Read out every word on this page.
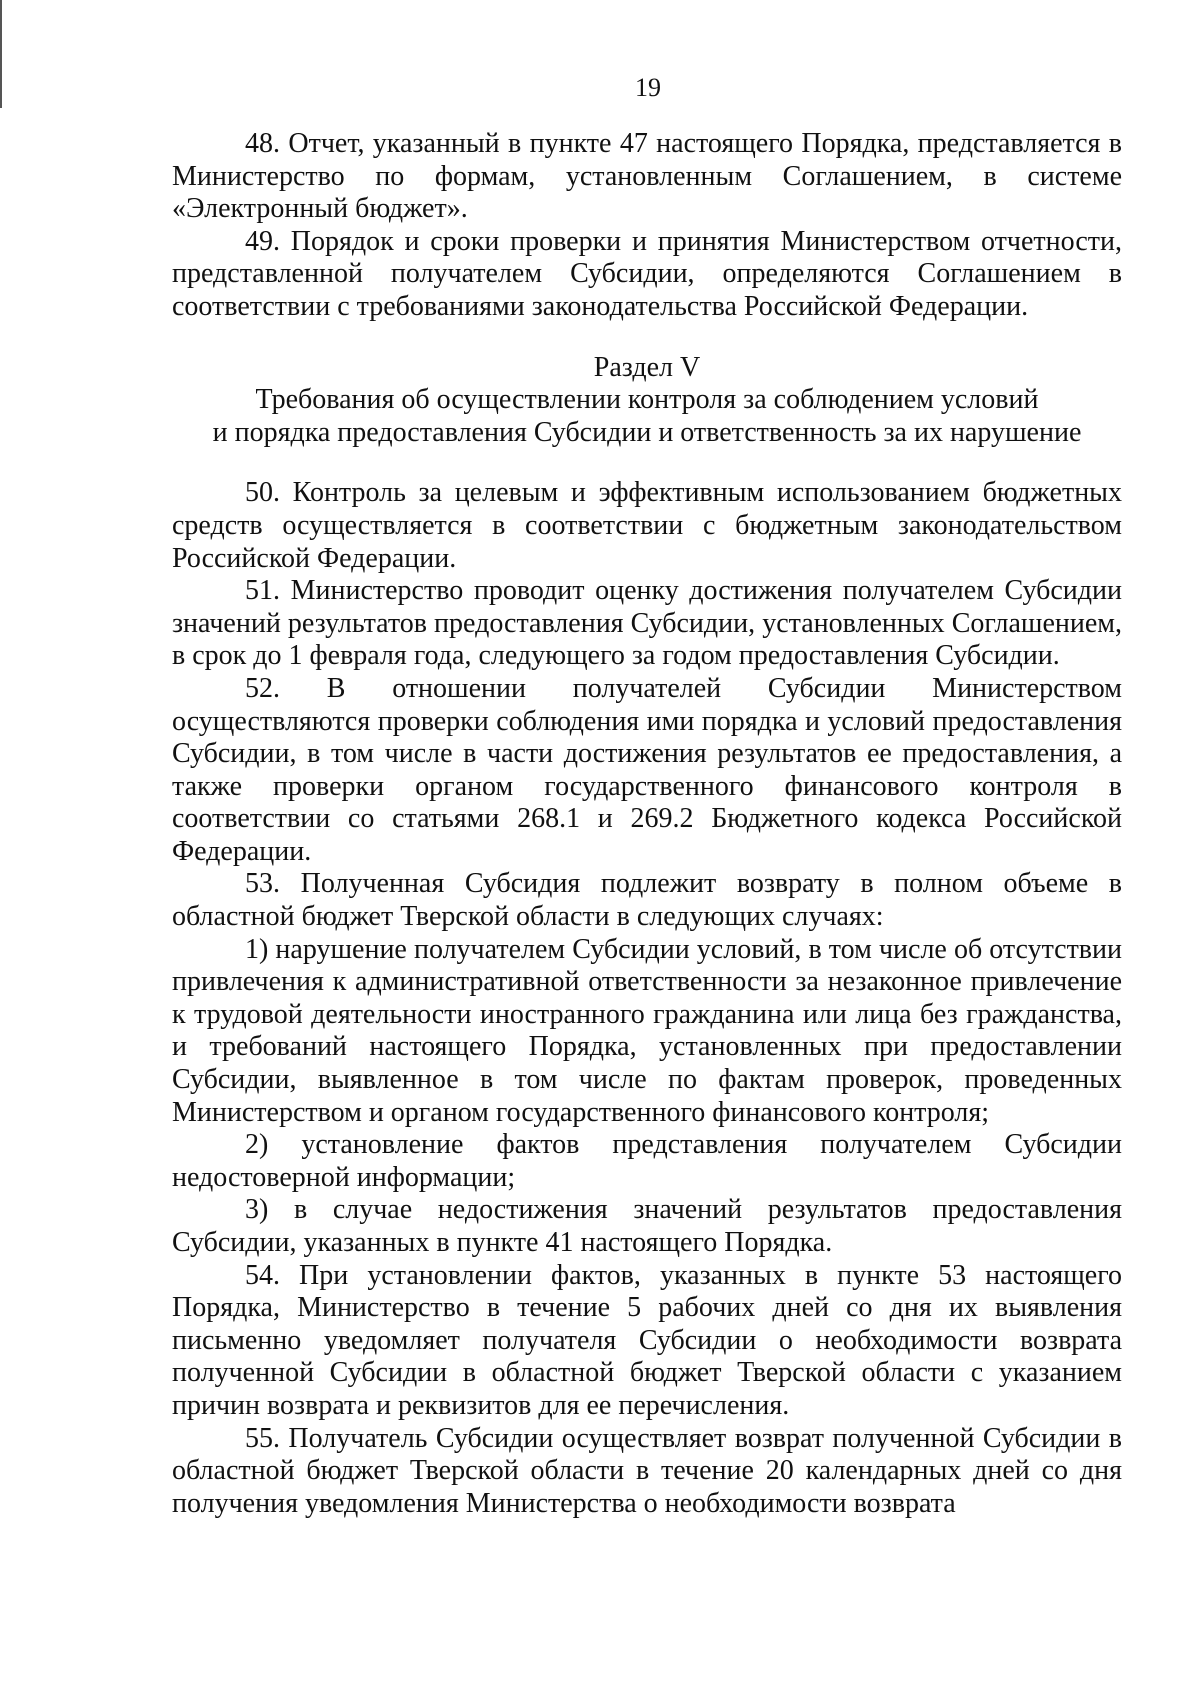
19

48. Отчет, указанный в пункте 47 настоящего Порядка, представляется в Министерство по формам, установленным Соглашением, в системе «Электронный бюджет».

49. Порядок и сроки проверки и принятия Министерством отчетности, представленной получателем Субсидии, определяются Соглашением в соответствии с требованиями законодательства Российской Федерации.

Раздел V
Требования об осуществлении контроля за соблюдением условий
и порядка предоставления Субсидии и ответственность за их нарушение

50. Контроль за целевым и эффективным использованием бюджетных средств осуществляется в соответствии с бюджетным законодательством Российской Федерации.

51. Министерство проводит оценку достижения получателем Субсидии значений результатов предоставления Субсидии, установленных Соглашением, в срок до 1 февраля года, следующего за годом предоставления Субсидии.

52. В отношении получателей Субсидии Министерством осуществляются проверки соблюдения ими порядка и условий предоставления Субсидии, в том числе в части достижения результатов ее предоставления, а также проверки органом государственного финансового контроля в соответствии со статьями 268.1 и 269.2 Бюджетного кодекса Российской Федерации.

53. Полученная Субсидия подлежит возврату в полном объеме в областной бюджет Тверской области в следующих случаях:

1) нарушение получателем Субсидии условий, в том числе об отсутствии привлечения к административной ответственности за незаконное привлечение к трудовой деятельности иностранного гражданина или лица без гражданства, и требований настоящего Порядка, установленных при предоставлении Субсидии, выявленное в том числе по фактам проверок, проведенных Министерством и органом государственного финансового контроля;

2) установление фактов представления получателем Субсидии недостоверной информации;

3) в случае недостижения значений результатов предоставления Субсидии, указанных в пункте 41 настоящего Порядка.

54. При установлении фактов, указанных в пункте 53 настоящего Порядка, Министерство в течение 5 рабочих дней со дня их выявления письменно уведомляет получателя Субсидии о необходимости возврата полученной Субсидии в областной бюджет Тверской области с указанием причин возврата и реквизитов для ее перечисления.

55. Получатель Субсидии осуществляет возврат полученной Субсидии в областной бюджет Тверской области в течение 20 календарных дней со дня получения уведомления Министерства о необходимости возврата
